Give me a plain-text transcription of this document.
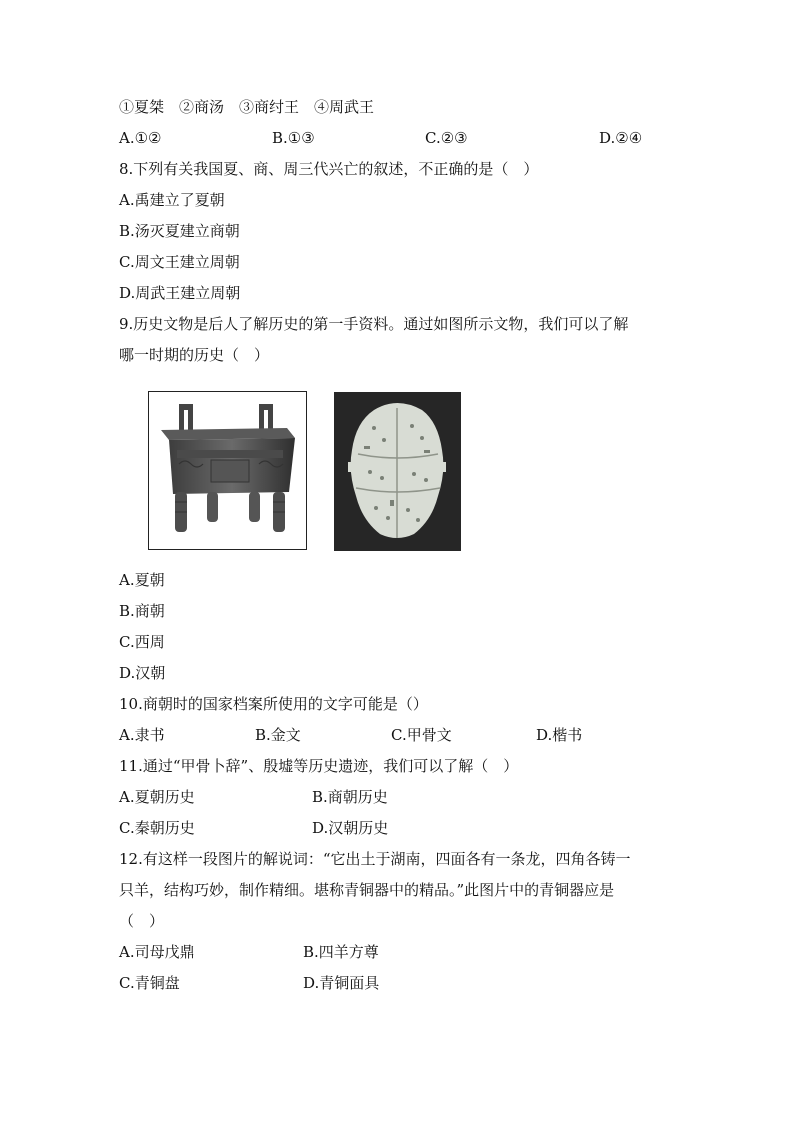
①夏桀　②商汤　③商纣王　④周武王
A.①②	B.①③	C.②③	D.②④
8.下列有关我国夏、商、周三代兴亡的叙述，不正确的是（　）
A.禹建立了夏朝
B.汤灭夏建立商朝
C.周文王建立周朝
D.周武王建立周朝
9.历史文物是后人了解历史的第一手资料。通过如图所示文物，我们可以了解
哪一时期的历史（　）
A.夏朝
B.商朝
C.西周
D.汉朝
10.商朝时的国家档案所使用的文字可能是（）
A.隶书	B.金文	C.甲骨文	D.楷书
11.通过“甲骨卜辞”、殷墟等历史遗迹，我们可以了解（　）
A.夏朝历史	B.商朝历史
C.秦朝历史	D.汉朝历史
12.有这样一段图片的解说词：“它出土于湖南，四面各有一条龙，四角各铸一
只羊，结构巧妙，制作精细。堪称青铜器中的精品。”此图片中的青铜器应是
（　）
A.司母戊鼎	B.四羊方尊
C.青铜盘	D.青铜面具
